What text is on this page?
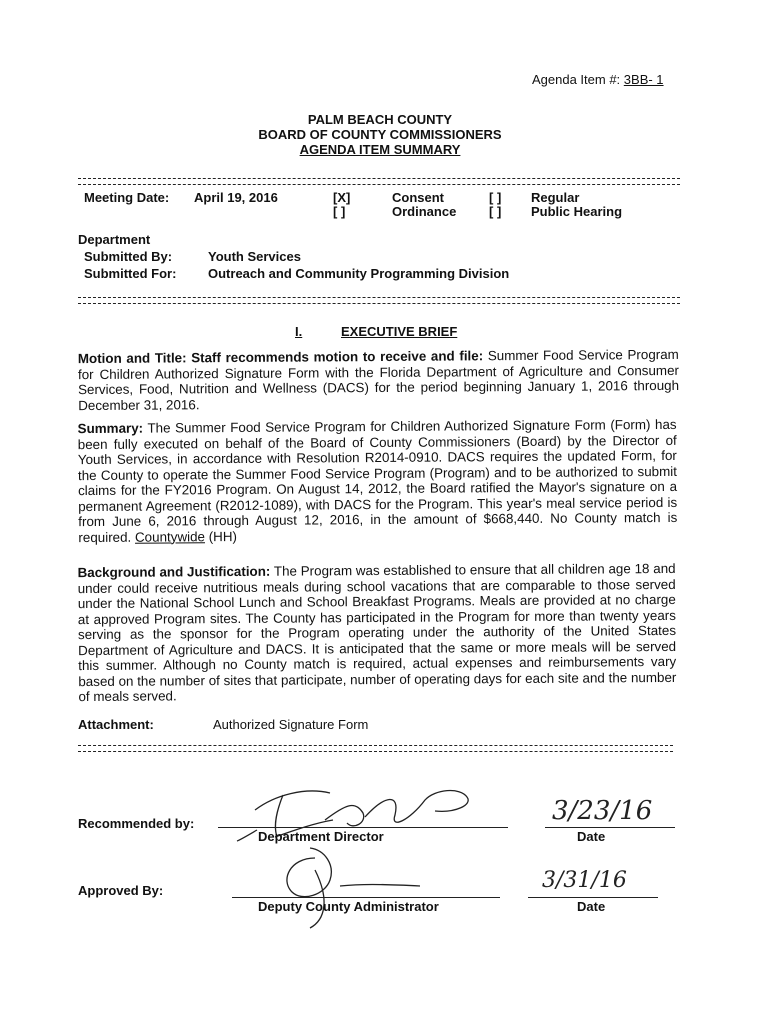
Agenda Item #: 3BB- 1
PALM BEACH COUNTY
BOARD OF COUNTY COMMISSIONERS
AGENDA ITEM SUMMARY
Meeting Date: April 19, 2016	[X]	Consent	[ ] Regular
[ ]	Ordinance	[ ] Public Hearing
Department
Submitted By:	Youth Services
Submitted For: Outreach and Community Programming Division
I.	EXECUTIVE BRIEF
Motion and Title: Staff recommends motion to receive and file: Summer Food Service Program for Children Authorized Signature Form with the Florida Department of Agriculture and Consumer Services, Food, Nutrition and Wellness (DACS) for the period beginning January 1, 2016 through December 31, 2016.
Summary: The Summer Food Service Program for Children Authorized Signature Form (Form) has been fully executed on behalf of the Board of County Commissioners (Board) by the Director of Youth Services, in accordance with Resolution R2014-0910. DACS requires the updated Form, for the County to operate the Summer Food Service Program (Program) and to be authorized to submit claims for the FY2016 Program. On August 14, 2012, the Board ratified the Mayor's signature on a permanent Agreement (R2012-1089), with DACS for the Program. This year's meal service period is from June 6, 2016 through August 12, 2016, in the amount of $668,440. No County match is required. Countywide (HH)
Background and Justification: The Program was established to ensure that all children age 18 and under could receive nutritious meals during school vacations that are comparable to those served under the National School Lunch and School Breakfast Programs. Meals are provided at no charge at approved Program sites. The County has participated in the Program for more than twenty years serving as the sponsor for the Program operating under the authority of the United States Department of Agriculture and DACS. It is anticipated that the same or more meals will be served this summer. Although no County match is required, actual expenses and reimbursements vary based on the number of sites that participate, number of operating days for each site and the number of meals served.
Attachment:	Authorized Signature Form
Recommended by:
Department Director
3/23/16
Date
Approved By:
Deputy County Administrator
3/31/16
Date
